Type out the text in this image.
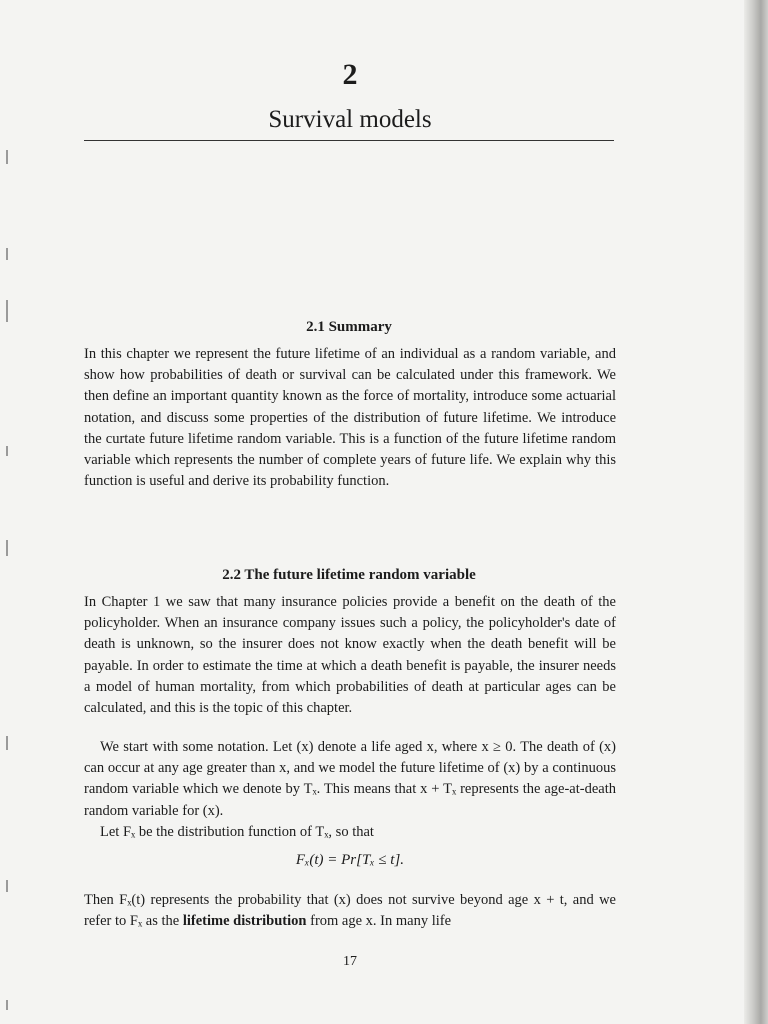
2
Survival models
2.1 Summary

In this chapter we represent the future lifetime of an individual as a random variable, and show how probabilities of death or survival can be calculated under this framework. We then define an important quantity known as the force of mortality, introduce some actuarial notation, and discuss some properties of the distribution of future lifetime. We introduce the curtate future lifetime random variable. This is a function of the future lifetime random variable which represents the number of complete years of future life. We explain why this function is useful and derive its probability function.

2.2 The future lifetime random variable

In Chapter 1 we saw that many insurance policies provide a benefit on the death of the policyholder. When an insurance company issues such a policy, the policyholder's date of death is unknown, so the insurer does not know exactly when the death benefit will be payable. In order to estimate the time at which a death benefit is payable, the insurer needs a model of human mortality, from which probabilities of death at particular ages can be calculated, and this is the topic of this chapter.

We start with some notation. Let (x) denote a life aged x, where x ≥ 0. The death of (x) can occur at any age greater than x, and we model the future lifetime of (x) by a continuous random variable which we denote by Tₓ. This means that x + Tₓ represents the age-at-death random variable for (x).

Let Fₓ be the distribution function of Tₓ, so that

Fₓ(t) = Pr[Tₓ ≤ t].

Then Fₓ(t) represents the probability that (x) does not survive beyond age x + t, and we refer to Fₓ as the lifetime distribution from age x. In many life

17
